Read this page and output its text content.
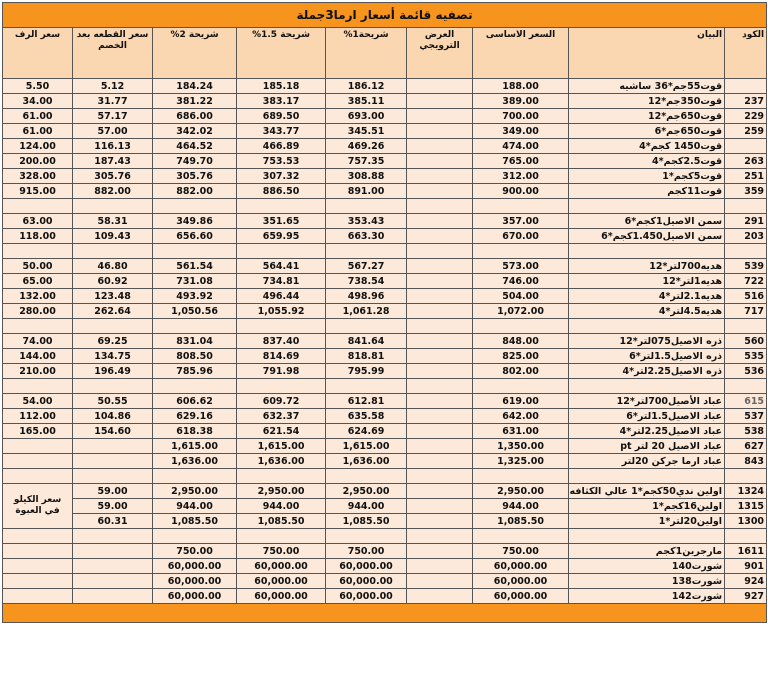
تصفيه قائمة أسعار ارما3جملة								
الكود	البيان	السعر الاساسى	العرض الترويجي	شريحة1%	شريحة 1.5%	شريحة 2%	سعر القطعه بعد الخصم	سعر الرف
	قوت55جم*36 ساشيه	188.00		186.12	185.18	184.24	5.12	5.50
237	قوت350جم*12	389.00		385.11	383.17	381.22	31.77	34.00
229	قوت650جم*12	700.00		693.00	689.50	686.00	57.17	61.00
259	قوت650جم*6	349.00		345.51	343.77	342.02	57.00	61.00
	قوت1450 كجم*4	474.00		469.26	466.89	464.52	116.13	124.00
263	قوت2.5كجم*4	765.00		757.35	753.53	749.70	187.43	200.00
251	قوت5كجم*1	312.00		308.88	307.32	305.76	305.76	328.00
359	قوت11كجم	900.00		891.00	886.50	882.00	882.00	915.00

291	سمن الاصيل1كجم*6	357.00		353.43	351.65	349.86	58.31	63.00
203	سمن الاصيل1.450كجم*6	670.00		663.30	659.95	656.60	109.43	118.00

539	هديه700لتر*12	573.00		567.27	564.41	561.54	46.80	50.00
722	هديه1لتر*12	746.00		738.54	734.81	731.08	60.92	65.00
516	هديه2.1لتر*4	504.00		498.96	496.44	493.92	123.48	132.00
717	هديه4.5لتر*4	1,072.00		1,061.28	1,055.92	1,050.56	262.64	280.00

560	ذره الاصيل075لتر*12	848.00		841.64	837.40	831.04	69.25	74.00
535	ذره الاصيل1.5لتر*6	825.00		818.81	814.69	808.50	134.75	144.00
536	ذره الاصيل2.25لتر*4	802.00		795.99	791.98	785.96	196.49	210.00

615	عباد الأصيل700لتر*12	619.00		612.81	609.72	606.62	50.55	54.00
537	عباد الاصيل1.5لتر*6	642.00		635.58	632.37	629.16	104.86	112.00
538	عباد الاصيل2.25لتر*4	631.00		624.69	621.54	618.38	154.60	165.00
627	عباد الاصيل 20 لتر pt	1,350.00		1,615.00	1,615.00	1,615.00		
843	عباد ارما جركن 20لتر	1,325.00		1,636.00	1,636.00	1,636.00		

1324	اولين ندي50كجم*1 عالي الكثافه	2,950.00		2,950.00	2,950.00	2,950.00	59.00	سعر الكيلو في العبوة
1315	اولين16كجم*1	944.00		944.00	944.00	944.00	59.00	
1300	اولين20لتر*1	1,085.50		1,085.50	1,085.50	1,085.50	60.31	

1611	مارجرين1كجم	750.00		750.00	750.00	750.00		
901	شورت140	60,000.00		60,000.00	60,000.00	60,000.00		
924	شورت138	60,000.00		60,000.00	60,000.00	60,000.00		
927	شورت142	60,000.00		60,000.00	60,000.00	60,000.00		
